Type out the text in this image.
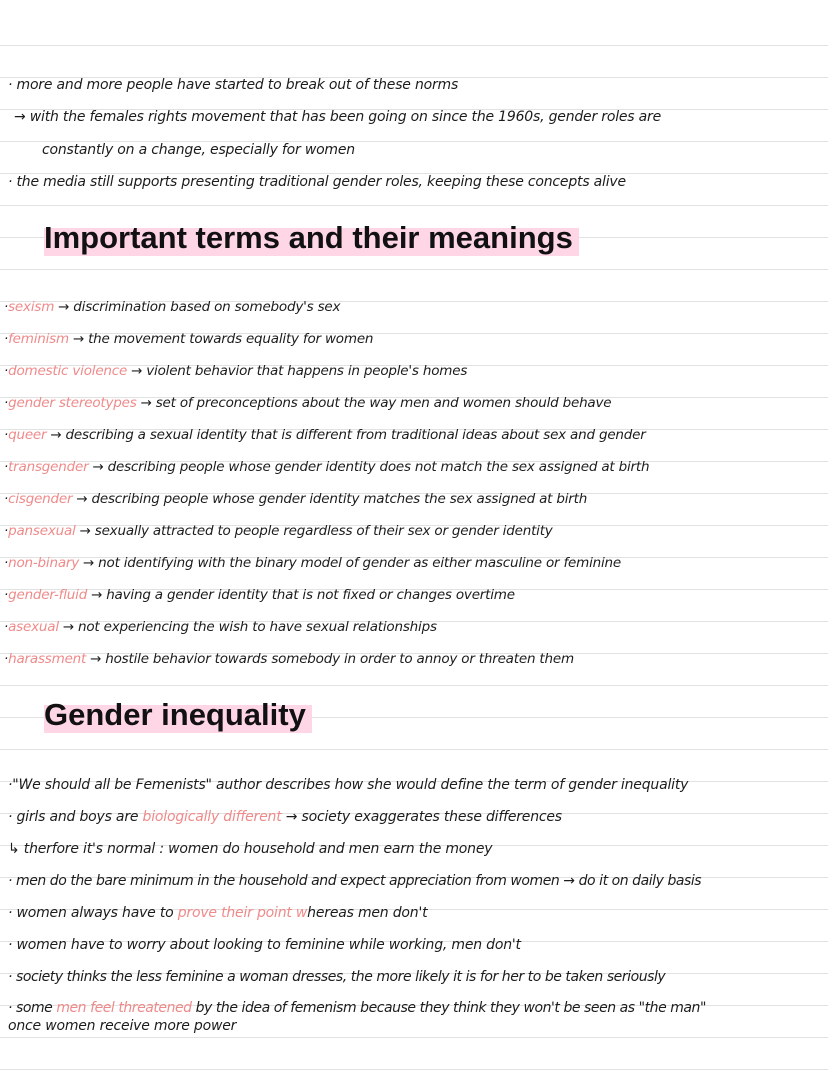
· more and more people have started to break out of these norms
→ with the females rights movement that has been going on since the 1960s, gender roles are
constantly on a change, especially for women
· the media still supports presenting traditional gender roles, keeping these concepts alive
Important terms and their meanings
·sexism → discrimination based on somebody's sex
·feminism → the movement towards equality for women
·domestic violence → violent behavior that happens in people's homes
·gender stereotypes → set of preconceptions about the way men and women should behave
·queer → describing a sexual identity that is different from traditional ideas about sex and gender
·transgender → describing people whose gender identity does not match the sex assigned at birth
·cisgender → describing people whose gender identity matches the sex assigned at birth
·pansexual → sexually attracted to people regardless of their sex or gender identity
·non-binary → not identifying with the binary model of gender as either masculine or feminine
·gender-fluid → having a gender identity that is not fixed or changes overtime
·asexual → not experiencing the wish to have sexual relationships
·harassment → hostile behavior towards somebody in order to annoy or threaten them
Gender inequality
·"We should all be Femenists" author describes how she would define the term of gender inequality
· girls and boys are biologically different → society exaggerates these differences
↳ therfore it's normal : women do household and men earn the money
· men do the bare minimum in the household and expect appreciation from women → do it on daily basis
· women always have to prove their point whereas men don't
· women have to worry about looking to feminine while working, men don't
· society thinks the less feminine a woman dresses, the more likely it is for her to be taken seriously
· some men feel threatened by the idea of femenism because they think they won't be seen as "the man"
once women receive more power
